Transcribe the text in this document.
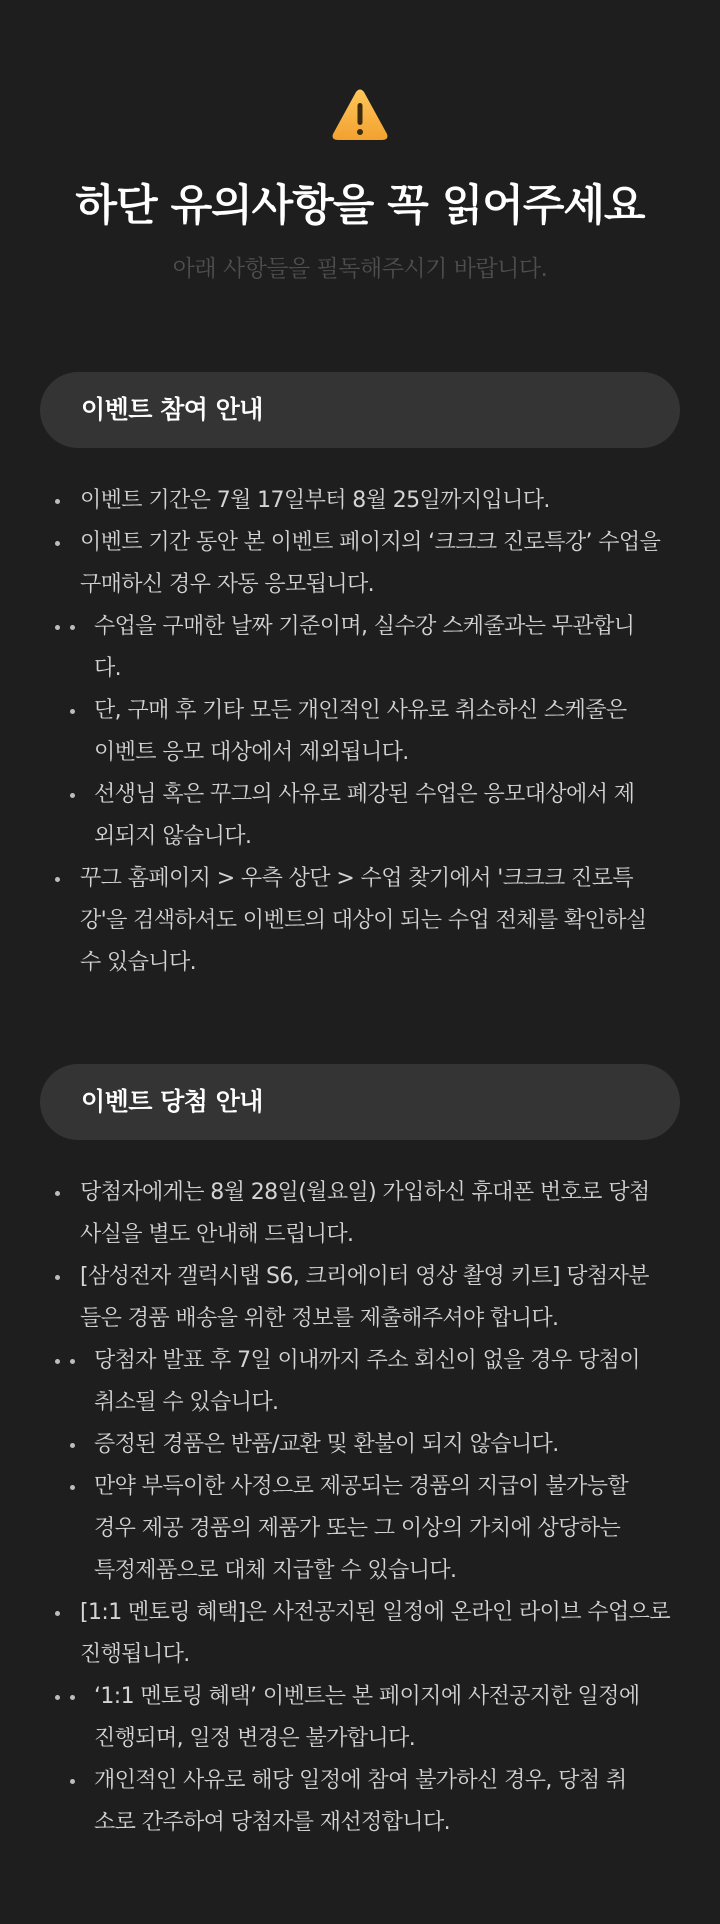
하단 유의사항을 꼭 읽어주세요
아래 사항들을 필독해주시기 바랍니다.
이벤트 참여 안내
이벤트 기간은 7월 17일부터 8월 25일까지입니다.
이벤트 기간 동안 본 이벤트 페이지의 ‘크크크 진로특강’ 수업을
구매하신 경우 자동 응모됩니다.
수업을 구매한 날짜 기준이며, 실수강 스케줄과는 무관합니
다.
단, 구매 후 기타 모든 개인적인 사유로 취소하신 스케줄은
이벤트 응모 대상에서 제외됩니다.
선생님 혹은 꾸그의 사유로 폐강된 수업은 응모대상에서 제
외되지 않습니다.
꾸그 홈페이지 > 우측 상단 > 수업 찾기에서 '크크크 진로특
강'을 검색하셔도 이벤트의 대상이 되는 수업 전체를 확인하실
수 있습니다.
이벤트 당첨 안내
당첨자에게는 8월 28일(월요일) 가입하신 휴대폰 번호로 당첨
사실을 별도 안내해 드립니다.
[삼성전자 갤럭시탭 S6, 크리에이터 영상 촬영 키트] 당첨자분
들은 경품 배송을 위한 정보를 제출해주셔야 합니다.
당첨자 발표 후 7일 이내까지 주소 회신이 없을 경우 당첨이
취소될 수 있습니다.
증정된 경품은 반품/교환 및 환불이 되지 않습니다.
만약 부득이한 사정으로 제공되는 경품의 지급이 불가능할
경우 제공 경품의 제품가 또는 그 이상의 가치에 상당하는
특정제품으로 대체 지급할 수 있습니다.
[1:1 멘토링 혜택]은 사전공지된 일정에 온라인 라이브 수업으로
진행됩니다.
‘1:1 멘토링 혜택’ 이벤트는 본 페이지에 사전공지한 일정에
진행되며, 일정 변경은 불가합니다.
개인적인 사유로 해당 일정에 참여 불가하신 경우, 당첨 취
소로 간주하여 당첨자를 재선정합니다.
